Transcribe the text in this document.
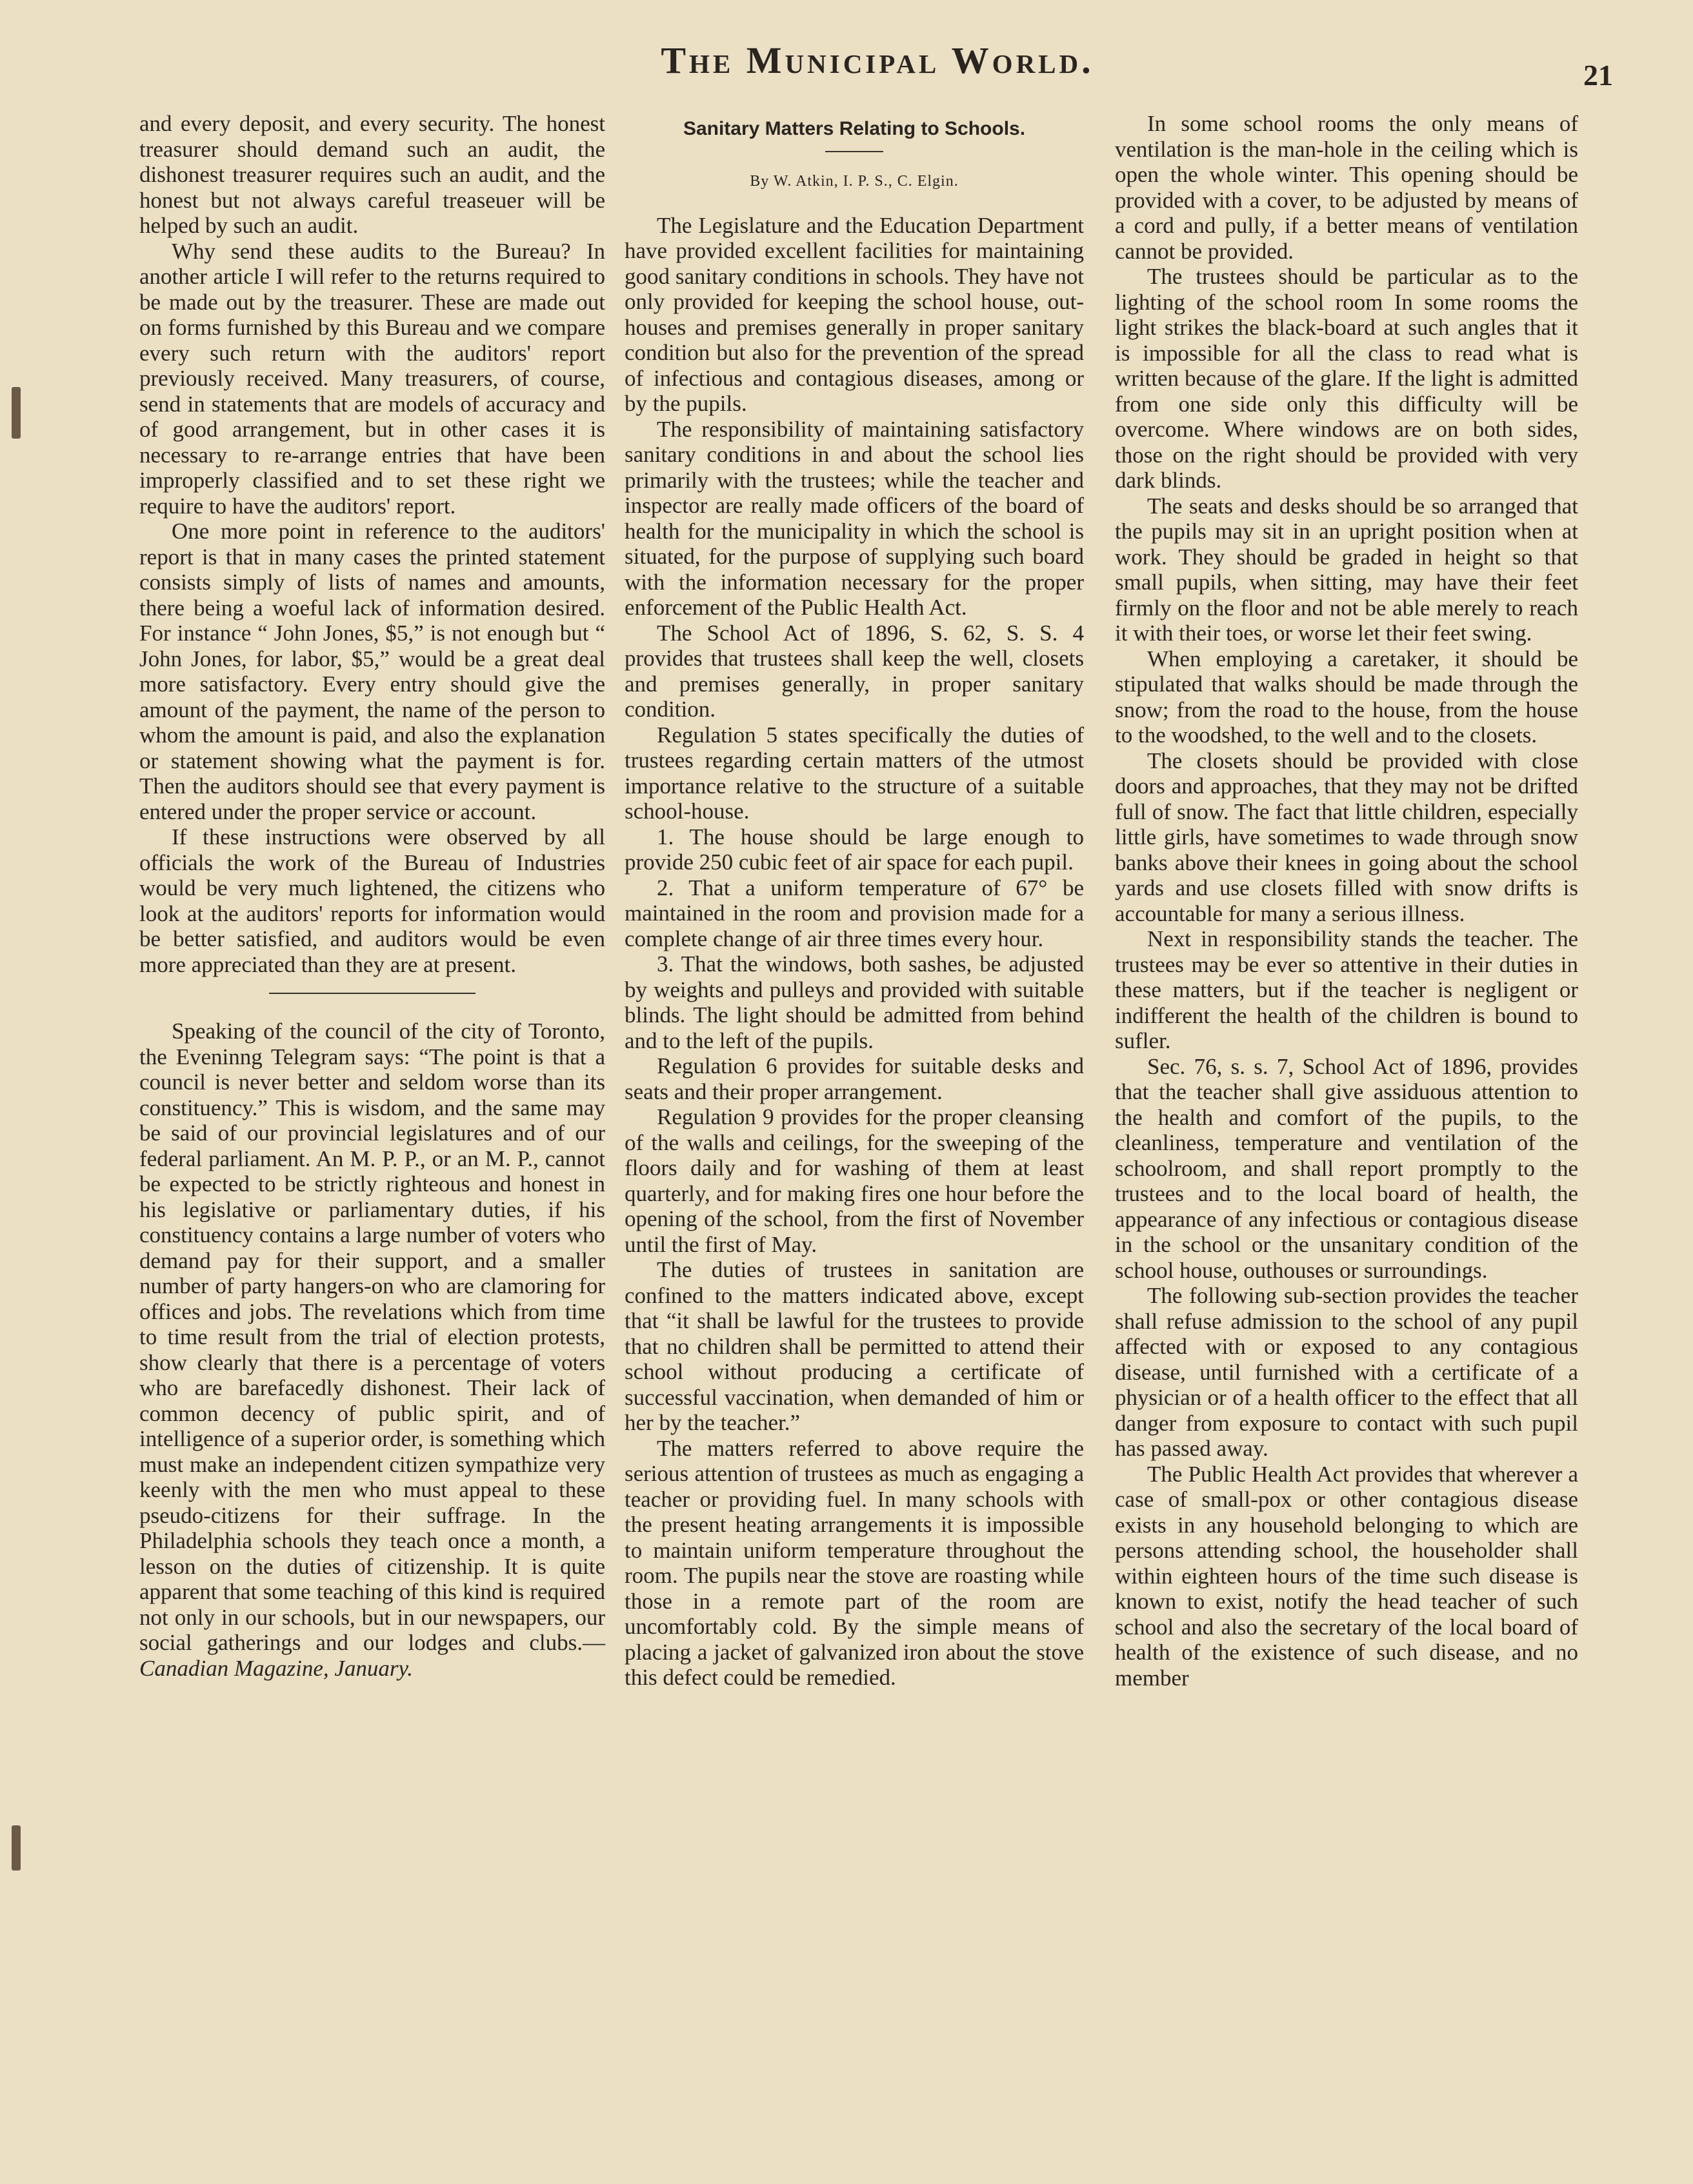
The Municipal World.	21

and every deposit, and every security. The honest treasurer should demand such an audit, the dishonest treasurer requires such an audit, and the honest but not always careful treaseuer will be helped by such an audit.

Why send these audits to the Bureau? In another article I will refer to the returns required to be made out by the treasurer. These are made out on forms furnished by this Bureau and we compare every such return with the auditors' report previously received. Many treasurers, of course, send in statements that are models of accuracy and of good arrangement, but in other cases it is necessary to re-arrange entries that have been improperly classified and to set these right we require to have the auditors' report.

One more point in reference to the auditors' report is that in many cases the printed statement consists simply of lists of names and amounts, there being a woeful lack of information desired. For instance “ John Jones, $5,” is not enough but “ John Jones, for labor, $5,” would be a great deal more satisfactory. Every entry should give the amount of the payment, the name of the person to whom the amount is paid, and also the explanation or statement showing what the payment is for. Then the auditors should see that every payment is entered under the proper service or account.

If these instructions were observed by all officials the work of the Bureau of Industries would be very much lightened, the citizens who look at the auditors' reports for information would be better satisfied, and auditors would be even more appreciated than they are at present.

Speaking of the council of the city of Toronto, the Eveninng Telegram says: “The point is that a council is never better and seldom worse than its constituency.” This is wisdom, and the same may be said of our provincial legislatures and of our federal parliament. An M. P. P., or an M. P., cannot be expected to be strictly righteous and honest in his legislative or parliamentary duties, if his constituency contains a large number of voters who demand pay for their support, and a smaller number of party hangers-on who are clamoring for offices and jobs. The revelations which from time to time result from the trial of election protests, show clearly that there is a percentage of voters who are barefacedly dishonest. Their lack of common decency of public spirit, and of intelligence of a superior order, is something which must make an independent citizen sympathize very keenly with the men who must appeal to these pseudo-citizens for their suffrage. In the Philadelphia schools they teach once a month, a lesson on the duties of citizenship. It is quite apparent that some teaching of this kind is required not only in our schools, but in our newspapers, our social gatherings and our lodges and clubs.—Canadian Magazine, January.

Sanitary Matters Relating to Schools.
By W. Atkin, I. P. S., C. Elgin.

The Legislature and the Education Department have provided excellent facilities for maintaining good sanitary conditions in schools. They have not only provided for keeping the school house, out-houses and premises generally in proper sanitary condition but also for the prevention of the spread of infectious and contagious diseases, among or by the pupils.

The responsibility of maintaining satisfactory sanitary conditions in and about the school lies primarily with the trustees; while the teacher and inspector are really made officers of the board of health for the municipality in which the school is situated, for the purpose of supplying such board with the information necessary for the proper enforcement of the Public Health Act.

The School Act of 1896, S. 62, S. S. 4 provides that trustees shall keep the well, closets and premises generally, in proper sanitary condition.

Regulation 5 states specifically the duties of trustees regarding certain matters of the utmost importance relative to the structure of a suitable school-house.

1. The house should be large enough to provide 250 cubic feet of air space for each pupil.

2. That a uniform temperature of 67° be maintained in the room and provision made for a complete change of air three times every hour.

3. That the windows, both sashes, be adjusted by weights and pulleys and provided with suitable blinds. The light should be admitted from behind and to the left of the pupils.

Regulation 6 provides for suitable desks and seats and their proper arrangement.

Regulation 9 provides for the proper cleansing of the walls and ceilings, for the sweeping of the floors daily and for washing of them at least quarterly, and for making fires one hour before the opening of the school, from the first of November until the first of May.

The duties of trustees in sanitation are confined to the matters indicated above, except that “it shall be lawful for the trustees to provide that no children shall be permitted to attend their school without producing a certificate of successful vaccination, when demanded of him or her by the teacher.”

The matters referred to above require the serious attention of trustees as much as engaging a teacher or providing fuel. In many schools with the present heating arrangements it is impossible to maintain uniform temperature throughout the room. The pupils near the stove are roasting while those in a remote part of the room are uncomfortably cold. By the simple means of placing a jacket of galvanized iron about the stove this defect could be remedied.

In some school rooms the only means of ventilation is the man-hole in the ceiling which is open the whole winter. This opening should be provided with a cover, to be adjusted by means of a cord and pully, if a better means of ventilation cannot be provided.

The trustees should be particular as to the lighting of the school room In some rooms the light strikes the black-board at such angles that it is impossible for all the class to read what is written because of the glare. If the light is admitted from one side only this difficulty will be overcome. Where windows are on both sides, those on the right should be provided with very dark blinds.

The seats and desks should be so arranged that the pupils may sit in an upright position when at work. They should be graded in height so that small pupils, when sitting, may have their feet firmly on the floor and not be able merely to reach it with their toes, or worse let their feet swing.

When employing a caretaker, it should be stipulated that walks should be made through the snow; from the road to the house, from the house to the woodshed, to the well and to the closets.

The closets should be provided with close doors and approaches, that they may not be drifted full of snow. The fact that little children, especially little girls, have sometimes to wade through snow banks above their knees in going about the school yards and use closets filled with snow drifts is accountable for many a serious illness.

Next in responsibility stands the teacher. The trustees may be ever so attentive in their duties in these matters, but if the teacher is negligent or indifferent the health of the children is bound to sufler.

Sec. 76, s. s. 7, School Act of 1896, provides that the teacher shall give assiduous attention to the health and comfort of the pupils, to the cleanliness, temperature and ventilation of the schoolroom, and shall report promptly to the trustees and to the local board of health, the appearance of any infectious or contagious disease in the school or the unsanitary condition of the school house, outhouses or surroundings.

The following sub-section provides the teacher shall refuse admission to the school of any pupil affected with or exposed to any contagious disease, until furnished with a certificate of a physician or of a health officer to the effect that all danger from exposure to contact with such pupil has passed away.

The Public Health Act provides that wherever a case of small-pox or other contagious disease exists in any household belonging to which are persons attending school, the householder shall within eighteen hours of the time such disease is known to exist, notify the head teacher of such school and also the secretary of the local board of health of the existence of such disease, and no member
